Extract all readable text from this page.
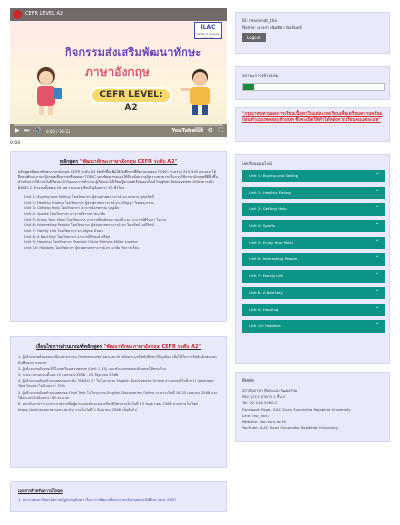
CEFR LEVEL A2
ILAC
Institute of Language and Culture
กิจกรรมส่งเสริมพัฒนาทักษะ
ภาษาอังกฤษ
CEFR LEVEL: A2
▶ ⏭ 🔊 0:00 / 16:31	YouTube ⌨ ⚙ ⛶
0:04
หลักสูตร "พัฒนาทักษะภาษาอังกฤษ CEFR ระดับ A2"

หลักสูตรพัฒนาทักษะภาษาอังกฤษ CEFR ระดับ A2 จัดทำขึ้นเพื่อให้นักศึกษาที่มีคะแนนสอบ TOEIC ระหว่าง 225-545 คะแนน ได้ฝึกฝนทักษะภาษาอังกฤษเพื่อการเตรียมสอบ TOEIC และพัฒนาตนเองให้มีระดับความรู้ความสามารถในการใช้ภาษาอังกฤษที่ดียิ่งขึ้นสำหรับการใช้งานในชีวิตประจำวันและการทำงาน ผู้เรียนจะได้เรียนรู้ผ่านบทเรียนออนไลน์ English Discoveries Online ระดับ BASIC 2 จำนวนทั้งหมด 10 บท รวมเวลาเรียนไม่น้อยกว่า 10 ชั่วโมง

Unit 1: Buying and Selling โดยวิทยากร ผู้ช่วยศาสตราจารย์ ดร.สมชาย สุขสวัสดิ์
Unit 2: Healthy Eating โดยวิทยากร ผู้ช่วยศาสตราจารย์ ดร.ปริญญา วิเศษสุวรรณ
Unit 3: Getting Help โดยวิทยากร อาจารย์อรพรรณ บุญเย็น
Unit 4: Sports โดยวิทยากร อาจารย์จิราพร ชนะชัย
Unit 5: Enjoy Your Meal โดยวิทยากร อาจารย์พิมพ์ชนก ทองดี และ อาจารย์ศิรินภา ใจงาม
Unit 6: Interesting People โดยวิทยากร ผู้ช่วยศาสตราจารย์ ดร.วิมลรัตน์ มณีรัตน์
Unit 7: Family Life โดยวิทยากร ดร.ณัฐพล มั่นคง
Unit 8: A Bad Day โดยวิทยากร อาจารย์ธีรพงษ์ ศรีสุข
Unit 9: Housing โดยวิทยากร Teacher Olivia Patricia Miller Lucena
Unit 10: Hobbies โดยวิทยากร ผู้ช่วยศาสตราจารย์ ดร.มาลัย รักการเรียน
เงื่อนไขการผ่านเกณฑ์หลักสูตร "พัฒนาทักษะภาษาอังกฤษ CEFR ระดับ A2"
1. ผู้เข้าอบรมต้องลงทะเบียนผ่านระบบ Onlinecourse.ssru.ac.th พร้อมระบุรหัสนักศึกษาให้ถูกต้อง เพื่อใช้ในการยืนยันตัวตนและบันทึกผลการอบรม
2. ผู้เข้าอบรมต้องชมวิดีโอบทเรียนครบทุกบท (Unit 1-10) และทำแบบทดสอบท้ายบทให้ครบถ้วน
3. ระยะเวลาอบรมตั้งแต่ 15 เมษายน 2568 - 20 มิถุนายน 2568
4. ผู้เข้าอบรมต้องทำแบบทดสอบระดับ "BASIC 2" ในโปรแกรม English Discoveries Online ผ่านเกณฑ์ไม่ต่ำกว่า (Average Test Score) ไม่น้อยกว่า 70%
5. ผู้เข้าอบรมต้องทำแบบทดสอบ Final Test ในโปรแกรม English Discoveries Online ระหว่างวันที่ 16-25 เมษายน 2568 และได้คะแนนไม่น้อยกว่า 60 คะแนน
6. สถาบันภาษาฯ จะประกาศรายชื่อผู้ผ่านเกณฑ์และมอบเกียรติบัตรภายในวันที่ 15 พฤษภาคม 2568 ผ่านทางเว็บไซต์ https://onlinecourse.ssru.ac.th/ ภายในวันที่ 1 มิถุนายน 2568 เป็นต้นไป
เอกสารสำหรับดาวน์โหลด
1. ประกาศมหาวิทยาลัยราชภัฏสวนสุนันทา เรื่อง การพัฒนาทักษะภาษาอังกฤษของนักศึกษา พ.ศ. 2567
ID: manenat_tha
Name: นางสาวนิดติยา นิลจันทร์
Logout
สถานะการเข้าอบรม

"กรุณาทบทวนผลการเรียนเนื้อหาในแต่ละบทเรียนเพื่อเตรียมความพร้อมก่อนทำแบบทดสอบท้ายบท ซึ่งจะเปิดให้ทำได้หลังจากเรียนจบแต่ละบท"

บทเรียนออนไลน์
Unit 1: Buying and Selling	^
Unit 2: Healthy Eating	^
Unit 3: Getting Help	^
Unit 4: Sports	^
Unit 5: Enjoy Your Meal	^
Unit 6: Interesting People	^
Unit 7: Family Life	^
Unit 8: A Bad Day	^
Unit 9: Housing	^
Unit 10: Hobbies	^
ติดต่อ
สถาบันภาษา ศิลปะและวัฒนธรรม
ห้อง 1213 อาคาร 1 ชั้น 2
Tel. 02 244 5260-2
Facebook Page: ILAC Suan Sunandha Rajabhat University
Line: ilac_ssru
Website: ilac.ssru.ac.th
YouTube: ILAC Suan Sunandha Rajabhat University
